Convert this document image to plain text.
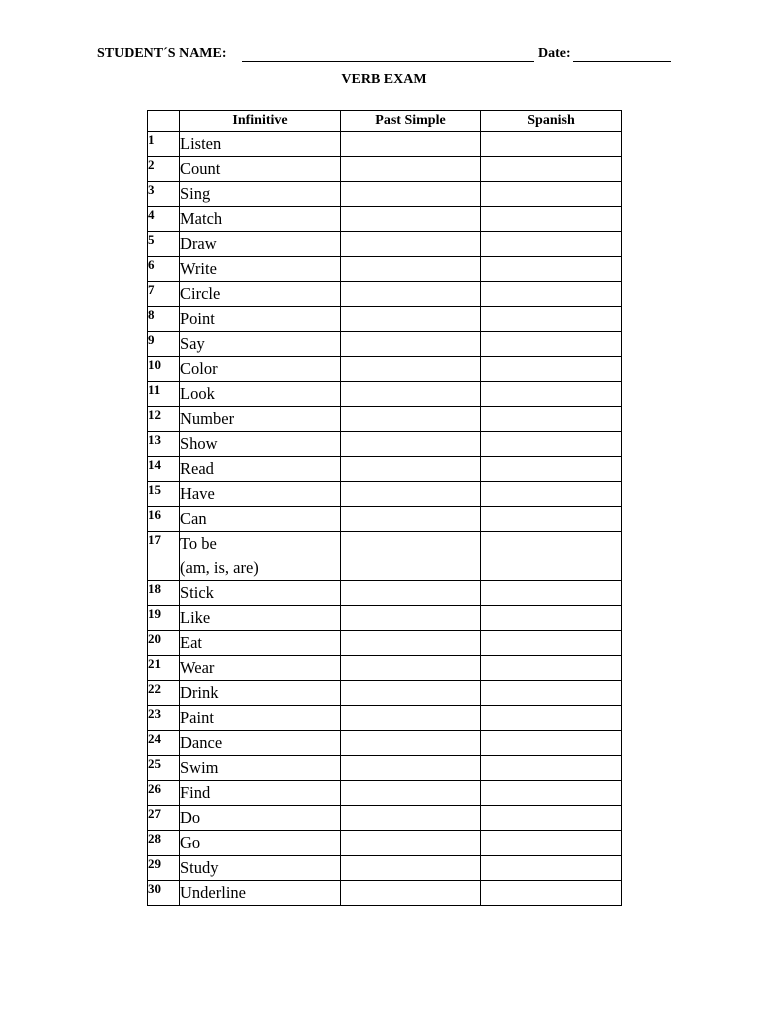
STUDENT´S NAME:	Date:
VERB EXAM
	Infinitive	Past Simple	Spanish
1	Listen		
2	Count		
3	Sing		
4	Match		
5	Draw		
6	Write		
7	Circle		
8	Point		
9	Say		
10	Color		
11	Look		
12	Number		
13	Show		
14	Read		
15	Have		
16	Can		
17	To be
(am, is, are)		

18	Stick		
19	Like		
20	Eat		
21	Wear		
22	Drink		
23	Paint		
24	Dance		
25	Swim		
26	Find		
27	Do		
28	Go		
29	Study		
30	Underline		
